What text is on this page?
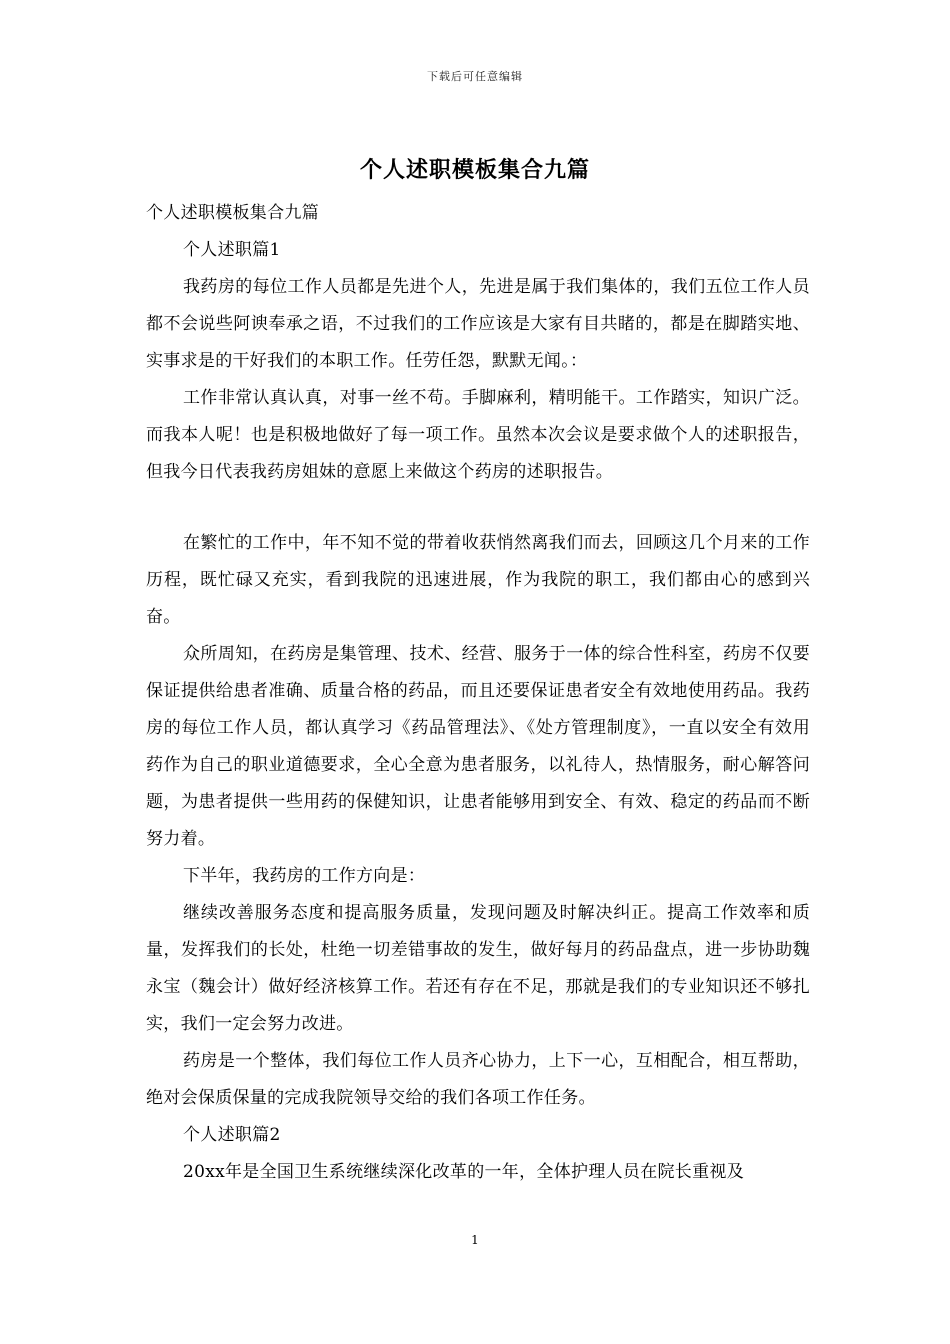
下载后可任意编辑
个人述职模板集合九篇

个人述职模板集合九篇

个人述职篇1

我药房的每位工作人员都是先进个人，先进是属于我们集体的，我们五位工作人员都不会说些阿谀奉承之语，不过我们的工作应该是大家有目共睹的，都是在脚踏实地、实事求是的干好我们的本职工作。任劳任怨，默默无闻。：

工作非常认真认真，对事一丝不苟。手脚麻利，精明能干。工作踏实，知识广泛。而我本人呢！也是积极地做好了每一项工作。虽然本次会议是要求做个人的述职报告，但我今日代表我药房姐妹的意愿上来做这个药房的述职报告。

在繁忙的工作中，年不知不觉的带着收获悄然离我们而去，回顾这几个月来的工作历程，既忙碌又充实，看到我院的迅速进展，作为我院的职工，我们都由心的感到兴奋。

众所周知，在药房是集管理、技术、经营、服务于一体的综合性科室，药房不仅要保证提供给患者准确、质量合格的药品，而且还要保证患者安全有效地使用药品。我药房的每位工作人员，都认真学习《药品管理法》、《处方管理制度》，一直以安全有效用药作为自己的职业道德要求，全心全意为患者服务，以礼待人，热情服务，耐心解答问题，为患者提供一些用药的保健知识，让患者能够用到安全、有效、稳定的药品而不断努力着。

下半年，我药房的工作方向是：

继续改善服务态度和提高服务质量，发现问题及时解决纠正。提高工作效率和质量，发挥我们的长处，杜绝一切差错事故的发生，做好每月的药品盘点，进一步协助魏永宝（魏会计）做好经济核算工作。若还有存在不足，那就是我们的专业知识还不够扎实，我们一定会努力改进。

药房是一个整体，我们每位工作人员齐心协力，上下一心，互相配合，相互帮助，绝对会保质保量的完成我院领导交给的我们各项工作任务。

个人述职篇2

20xx年是全国卫生系统继续深化改革的一年，全体护理人员在院长重视及

1
